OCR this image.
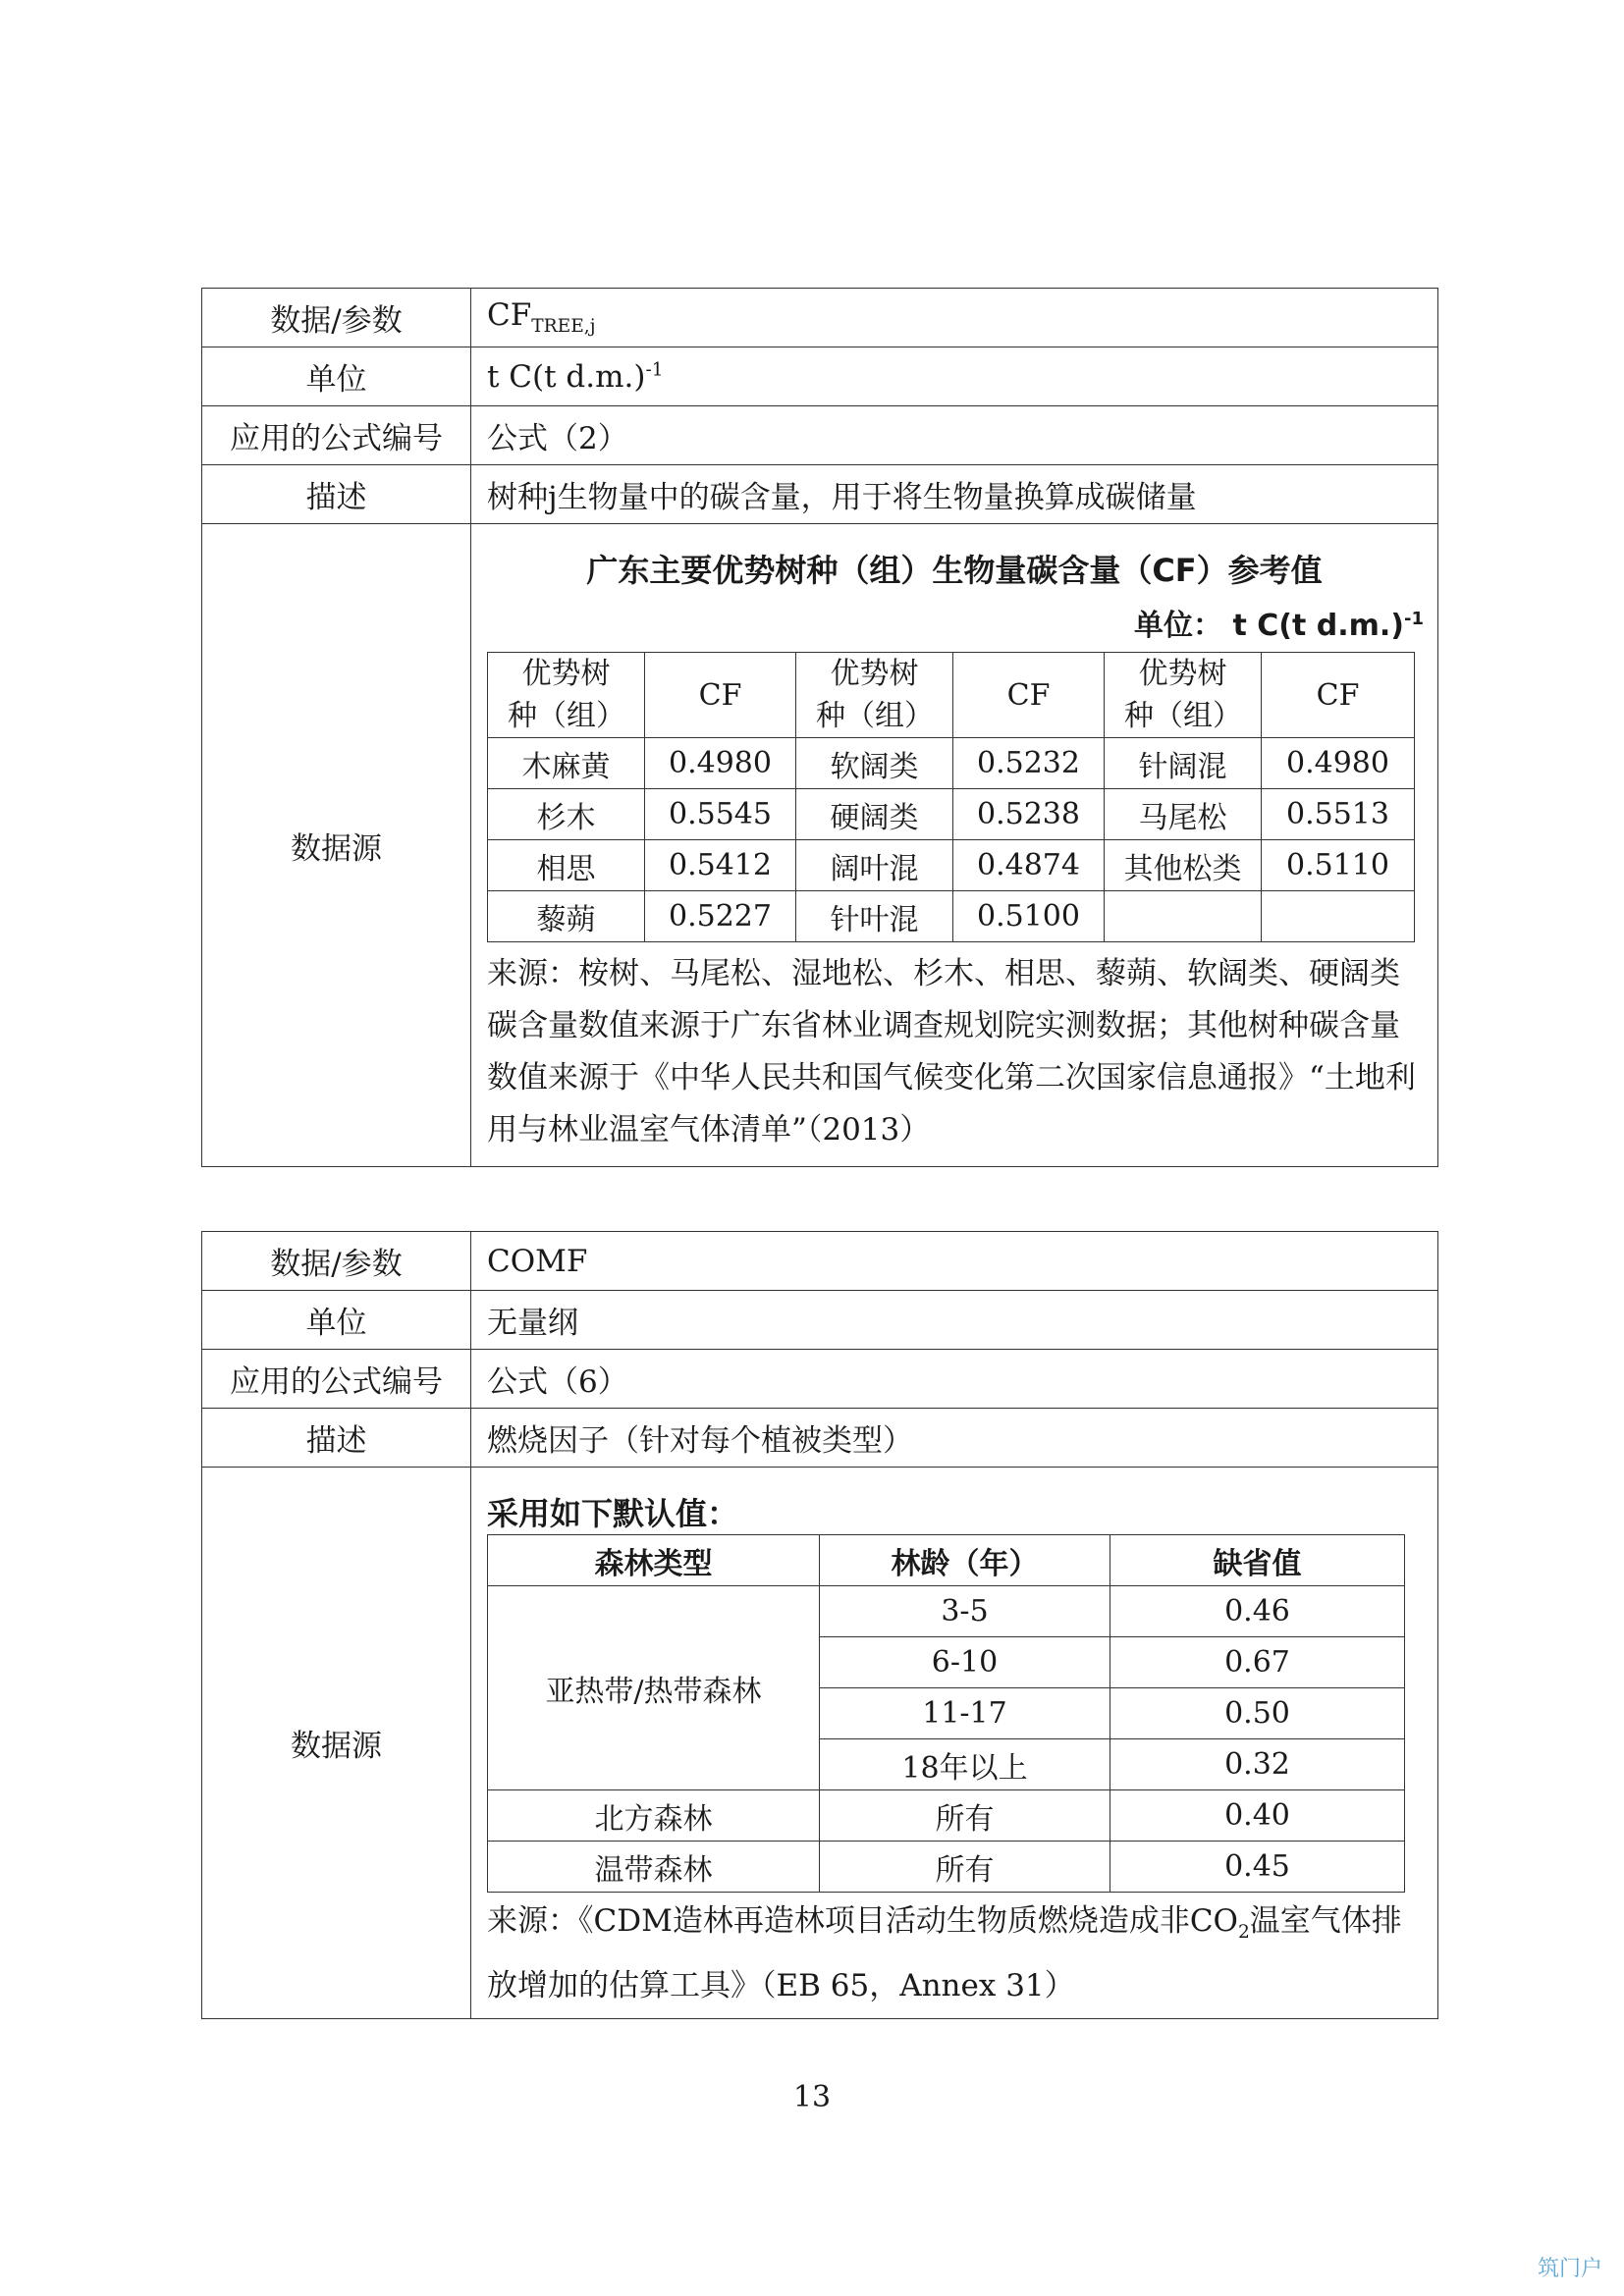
数据/参数	$CF_{TREE,j}$
单位	t C(t d.m.)$^{-1}$
应用的公式编号	公式（2）
描述	树种j生物量中的碳含量，用于将生物量换算成碳储量
数据源	
广东主要优势树种（组）生物量碳含量（CF）参考值
单位： t C(t d.m.)$^{-1}$
优势树种（组）	CF	优势树种（组）	CF	优势树种（组）	CF
木麻黄	0.4980	软阔类	0.5232	针阔混	0.4980
杉木	0.5545	硬阔类	0.5238	马尾松	0.5513
相思	0.5412	阔叶混	0.4874	其他松类	0.5110
藜蒴	0.5227	针叶混	0.5100		
来源：桉树、马尾松、湿地松、杉木、相思、藜蒴、软阔类、硬阔类碳含量数值来源于广东省林业调查规划院实测数据；其他树种碳含量数值来源于《中华人民共和国气候变化第二次国家信息通报》“土地利用与林业温室气体清单”（2013）
数据/参数	COMF
单位	无量纲
应用的公式编号	公式（6）
描述	燃烧因子（针对每个植被类型）
数据源	
采用如下默认值：
森林类型	林龄（年）	缺省值
亚热带/热带森林	3-5	0.46
6-10	0.67
11-17	0.50
18年以上	0.32
北方森林	所有	0.40
温带森林	所有	0.45
来源：《CDM造林再造林项目活动生物质燃烧造成非$CO_2$温室气体排放增加的估算工具》（EB 65，Annex 31）
13
筑门户
